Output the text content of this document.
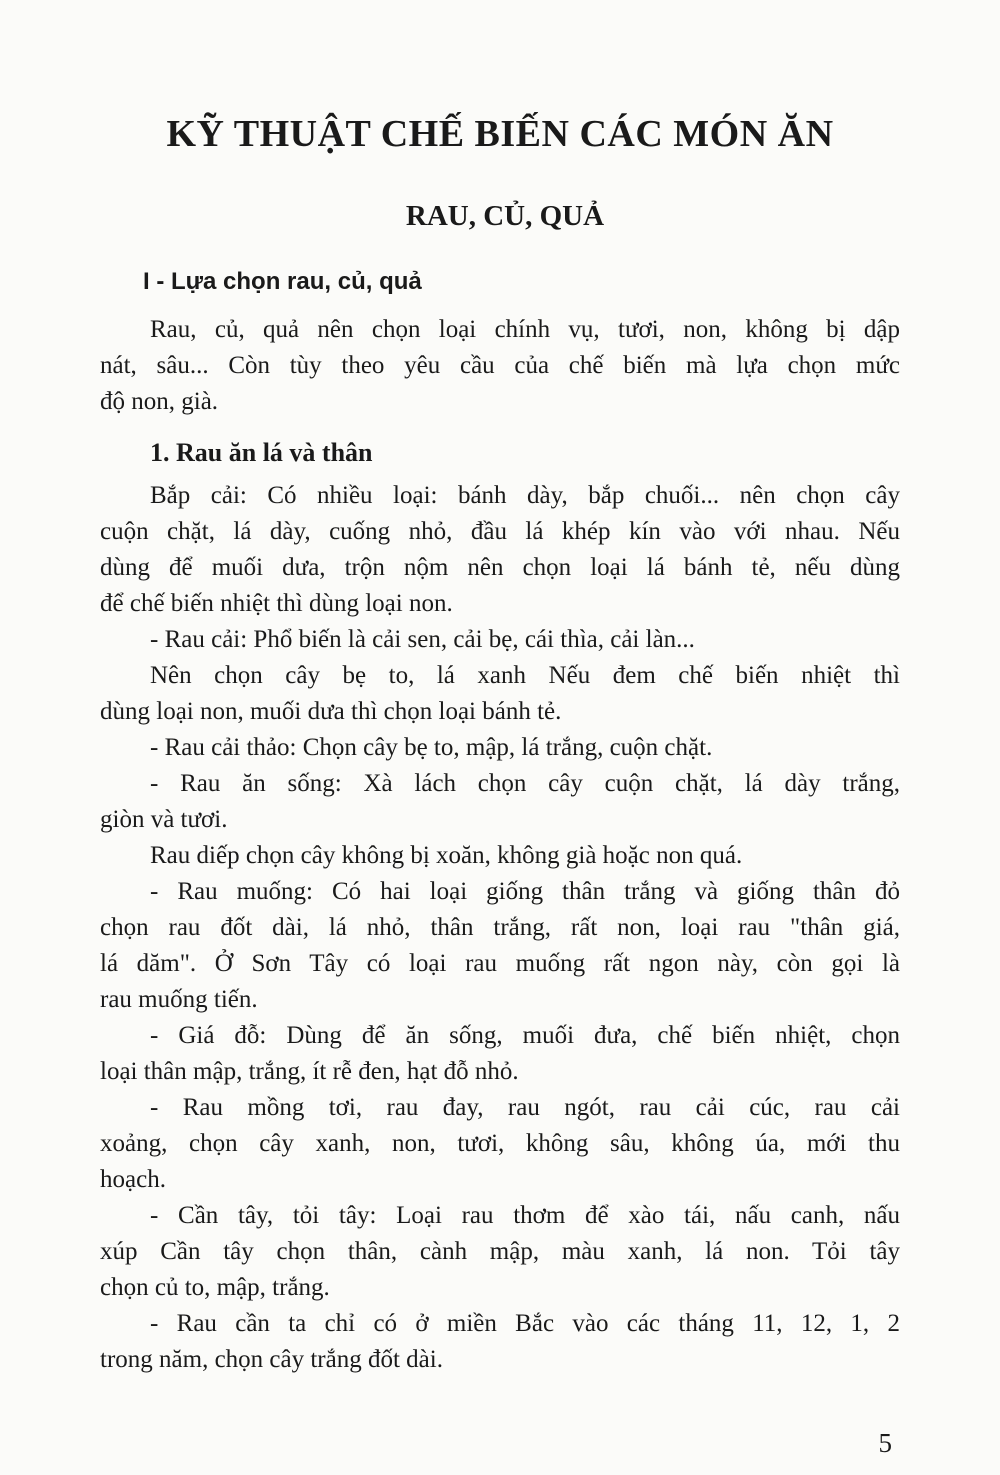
KỸ THUẬT CHẾ BIẾN CÁC MÓN ĂN
RAU, CỦ, QUẢ
I - Lựa chọn rau, củ, quả
Rau, củ, quả nên chọn loại chính vụ, tươi, non, không bị dập
nát, sâu... Còn tùy theo yêu cầu của chế biến mà lựa chọn mức
độ non, già.
1. Rau ăn lá và thân
Bắp cải: Có nhiều loại: bánh dày, bắp chuối... nên chọn cây
cuộn chặt, lá dày, cuống nhỏ, đầu lá khép kín vào với nhau. Nếu
dùng để muối dưa, trộn nộm nên chọn loại lá bánh tẻ, nếu dùng
để chế biến nhiệt thì dùng loại non.
- Rau cải: Phổ biến là cải sen, cải bẹ, cái thìa, cải làn...
Nên chọn cây bẹ to, lá xanh Nếu đem chế biến nhiệt thì
dùng loại non, muối dưa thì chọn loại bánh tẻ.
- Rau cải thảo: Chọn cây bẹ to, mập, lá trắng, cuộn chặt.
- Rau ăn sống: Xà lách chọn cây cuộn chặt, lá dày trắng,
giòn và tươi.
Rau diếp chọn cây không bị xoăn, không già hoặc non quá.
- Rau muống: Có hai loại giống thân trắng và giống thân đỏ
chọn rau đốt dài, lá nhỏ, thân trắng, rất non, loại rau "thân giá,
lá dăm". Ở Sơn Tây có loại rau muống rất ngon này, còn gọi là
rau muống tiến.
- Giá đỗ: Dùng để ăn sống, muối đưa, chế biến nhiệt, chọn
loại thân mập, trắng, ít rễ đen, hạt đỗ nhỏ.
- Rau mồng tơi, rau đay, rau ngót, rau cải cúc, rau cải
xoảng, chọn cây xanh, non, tươi, không sâu, không úa, mới thu
hoạch.
- Cần tây, tỏi tây: Loại rau thơm để xào tái, nấu canh, nấu
xúp Cần tây chọn thân, cành mập, màu xanh, lá non. Tỏi tây
chọn củ to, mập, trắng.
- Rau cần ta chỉ có ở miền Bắc vào các tháng 11, 12, 1, 2
trong năm, chọn cây trắng đốt dài.
5
